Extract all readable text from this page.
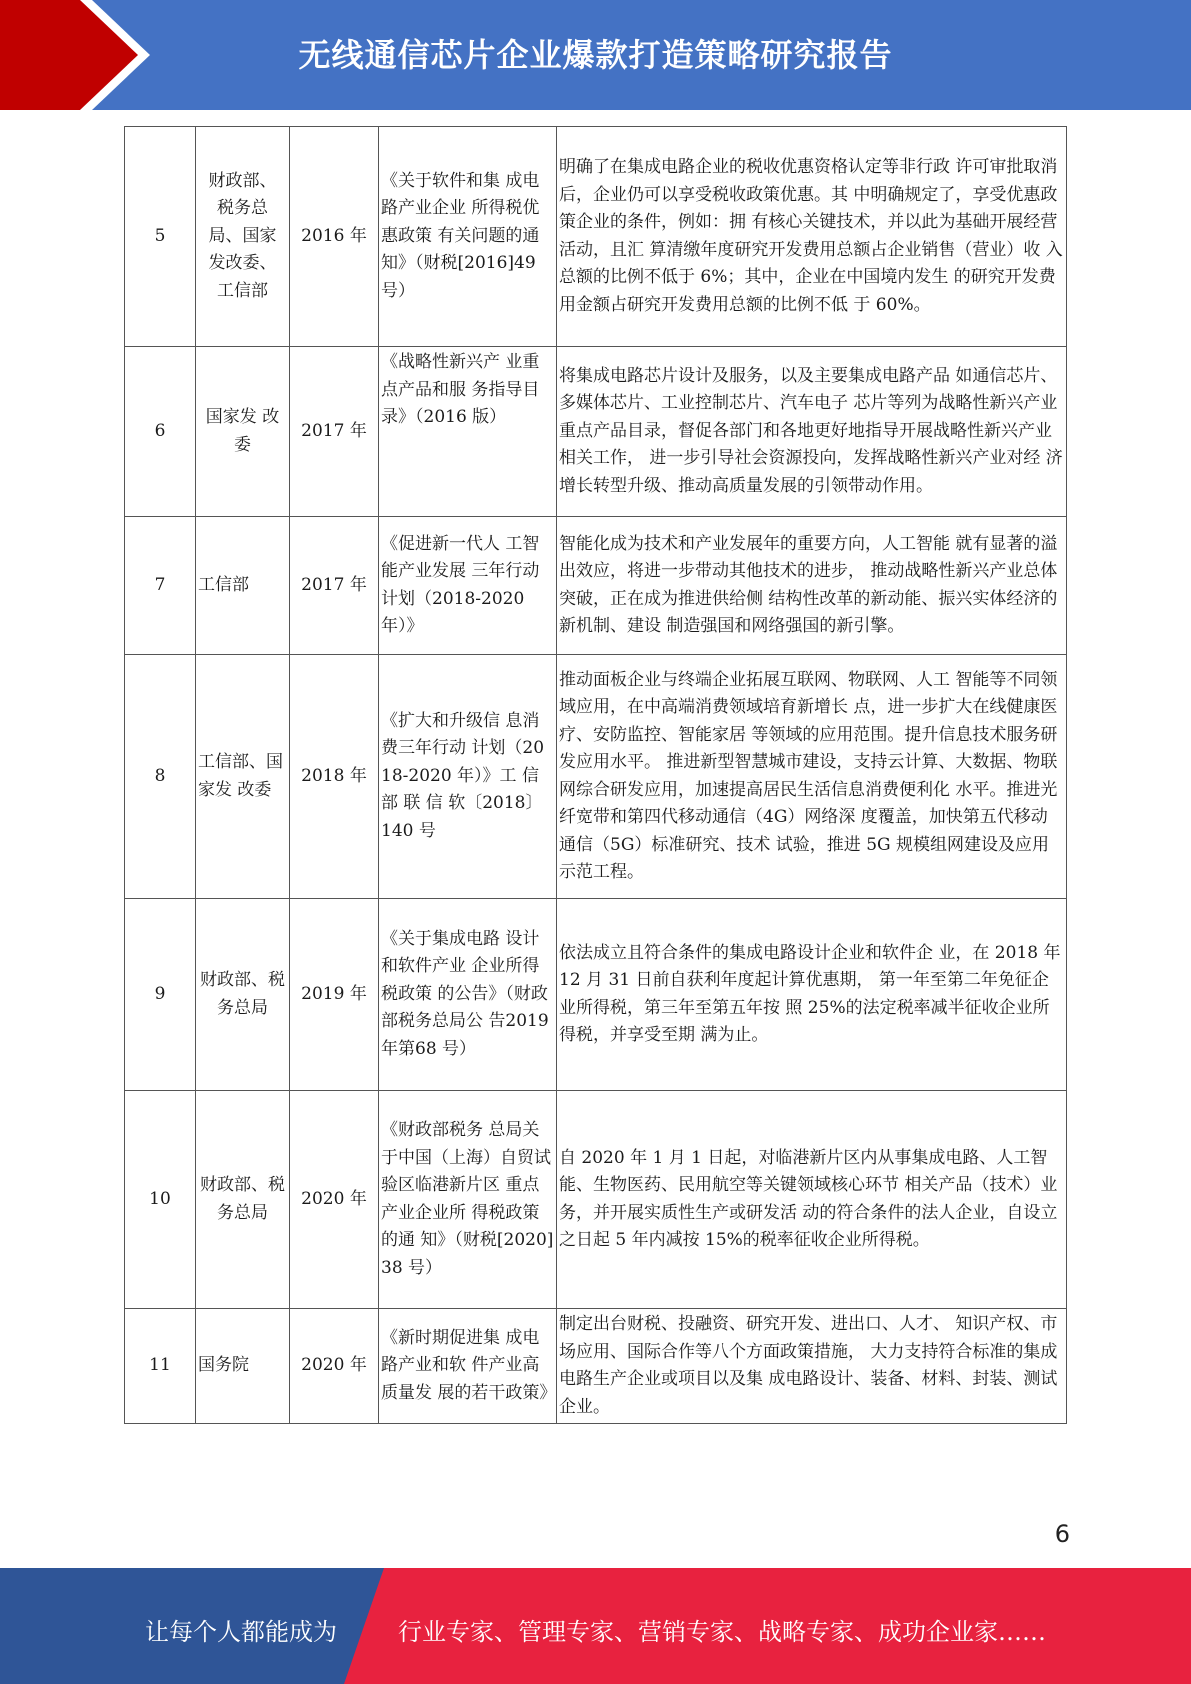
无线通信芯片企业爆款打造策略研究报告
5	财政部、 税务总 局、国家 发改委、 工信部	2016 年	《关于软件和集 成电路产业企业 所得税优惠政策 有关问题的通 知》（财税[2016]49 号）	明确了在集成电路企业的税收优惠资格认定等非行政 许可审批取消后，企业仍可以享受税收政策优惠。其 中明确规定了，享受优惠政策企业的条件，例如：拥 有核心关键技术，并以此为基础开展经营活动，且汇 算清缴年度研究开发费用总额占企业销售（营业）收 入总额的比例不低于 6%；其中，企业在中国境内发生 的研究开发费用金额占研究开发费用总额的比例不低 于 60%。
6	国家发 改委	2017 年	《战略性新兴产 业重点产品和服 务指导目录》（2016 版）	将集成电路芯片设计及服务，以及主要集成电路产品 如通信芯片、多媒体芯片、工业控制芯片、汽车电子 芯片等列为战略性新兴产业重点产品目录，督促各部门和各地更好地指导开展战略性新兴产业相关工作， 进一步引导社会资源投向，发挥战略性新兴产业对经 济增长转型升级、推动高质量发展的引领带动作用。
7	工信部	2017 年	《促进新一代人 工智能产业发展 三年行动计划（2018-2020 年）》	智能化成为技术和产业发展年的重要方向，人工智能 就有显著的溢出效应，将进一步带动其他技术的进步， 推动战略性新兴产业总体突破，正在成为推进供给侧 结构性改革的新动能、振兴实体经济的新机制、建设 制造强国和网络强国的新引擎。
8	工信部、国家发 改委	2018 年	《扩大和升级信 息消费三年行动 计划（2018-2020 年）》工 信 部 联 信 软〔2018〕 140 号	推动面板企业与终端企业拓展互联网、物联网、人工 智能等不同领域应用，在中高端消费领域培育新增长 点，进一步扩大在线健康医疗、安防监控、智能家居 等领域的应用范围。提升信息技术服务研发应用水平。 推进新型智慧城市建设，支持云计算、大数据、物联 网综合研发应用，加速提高居民生活信息消费便利化 水平。推进光纤宽带和第四代移动通信（4G）网络深 度覆盖，加快第五代移动通信（5G）标准研究、技术 试验，推进 5G 规模组网建设及应用示范工程。
9	财政部、税务总局	2019 年	《关于集成电路 设计和软件产业 企业所得税政策 的公告》（财政 部税务总局公 告2019年第68 号）	依法成立且符合条件的集成电路设计企业和软件企 业，在 2018 年 12 月 31 日前自获利年度起计算优惠期， 第一年至第二年免征企业所得税，第三年至第五年按 照 25%的法定税率减半征收企业所得税，并享受至期 满为止。
10	财政部、税务总局	2020 年	《财政部税务 总局关于中国（上海）自贸试 验区临港新片区 重点产业企业所 得税政策的通 知》（财税[2020]38 号）	自 2020 年 1 月 1 日起，对临港新片区内从事集成电路、人工智能、生物医药、民用航空等关键领域核心环节 相关产品（技术）业务，并开展实质性生产或研发活 动的符合条件的法人企业，自设立之日起 5 年内减按 15%的税率征收企业所得税。
11	国务院	2020 年	《新时期促进集 成电路产业和软 件产业高质量发 展的若干政策》	制定出台财税、投融资、研究开发、进出口、人才、 知识产权、市场应用、国际合作等八个方面政策措施， 大力支持符合标准的集成电路生产企业或项目以及集 成电路设计、装备、材料、封装、测试企业。
6
让每个人都能成为	行业专家、管理专家、营销专家、战略专家、成功企业家……
